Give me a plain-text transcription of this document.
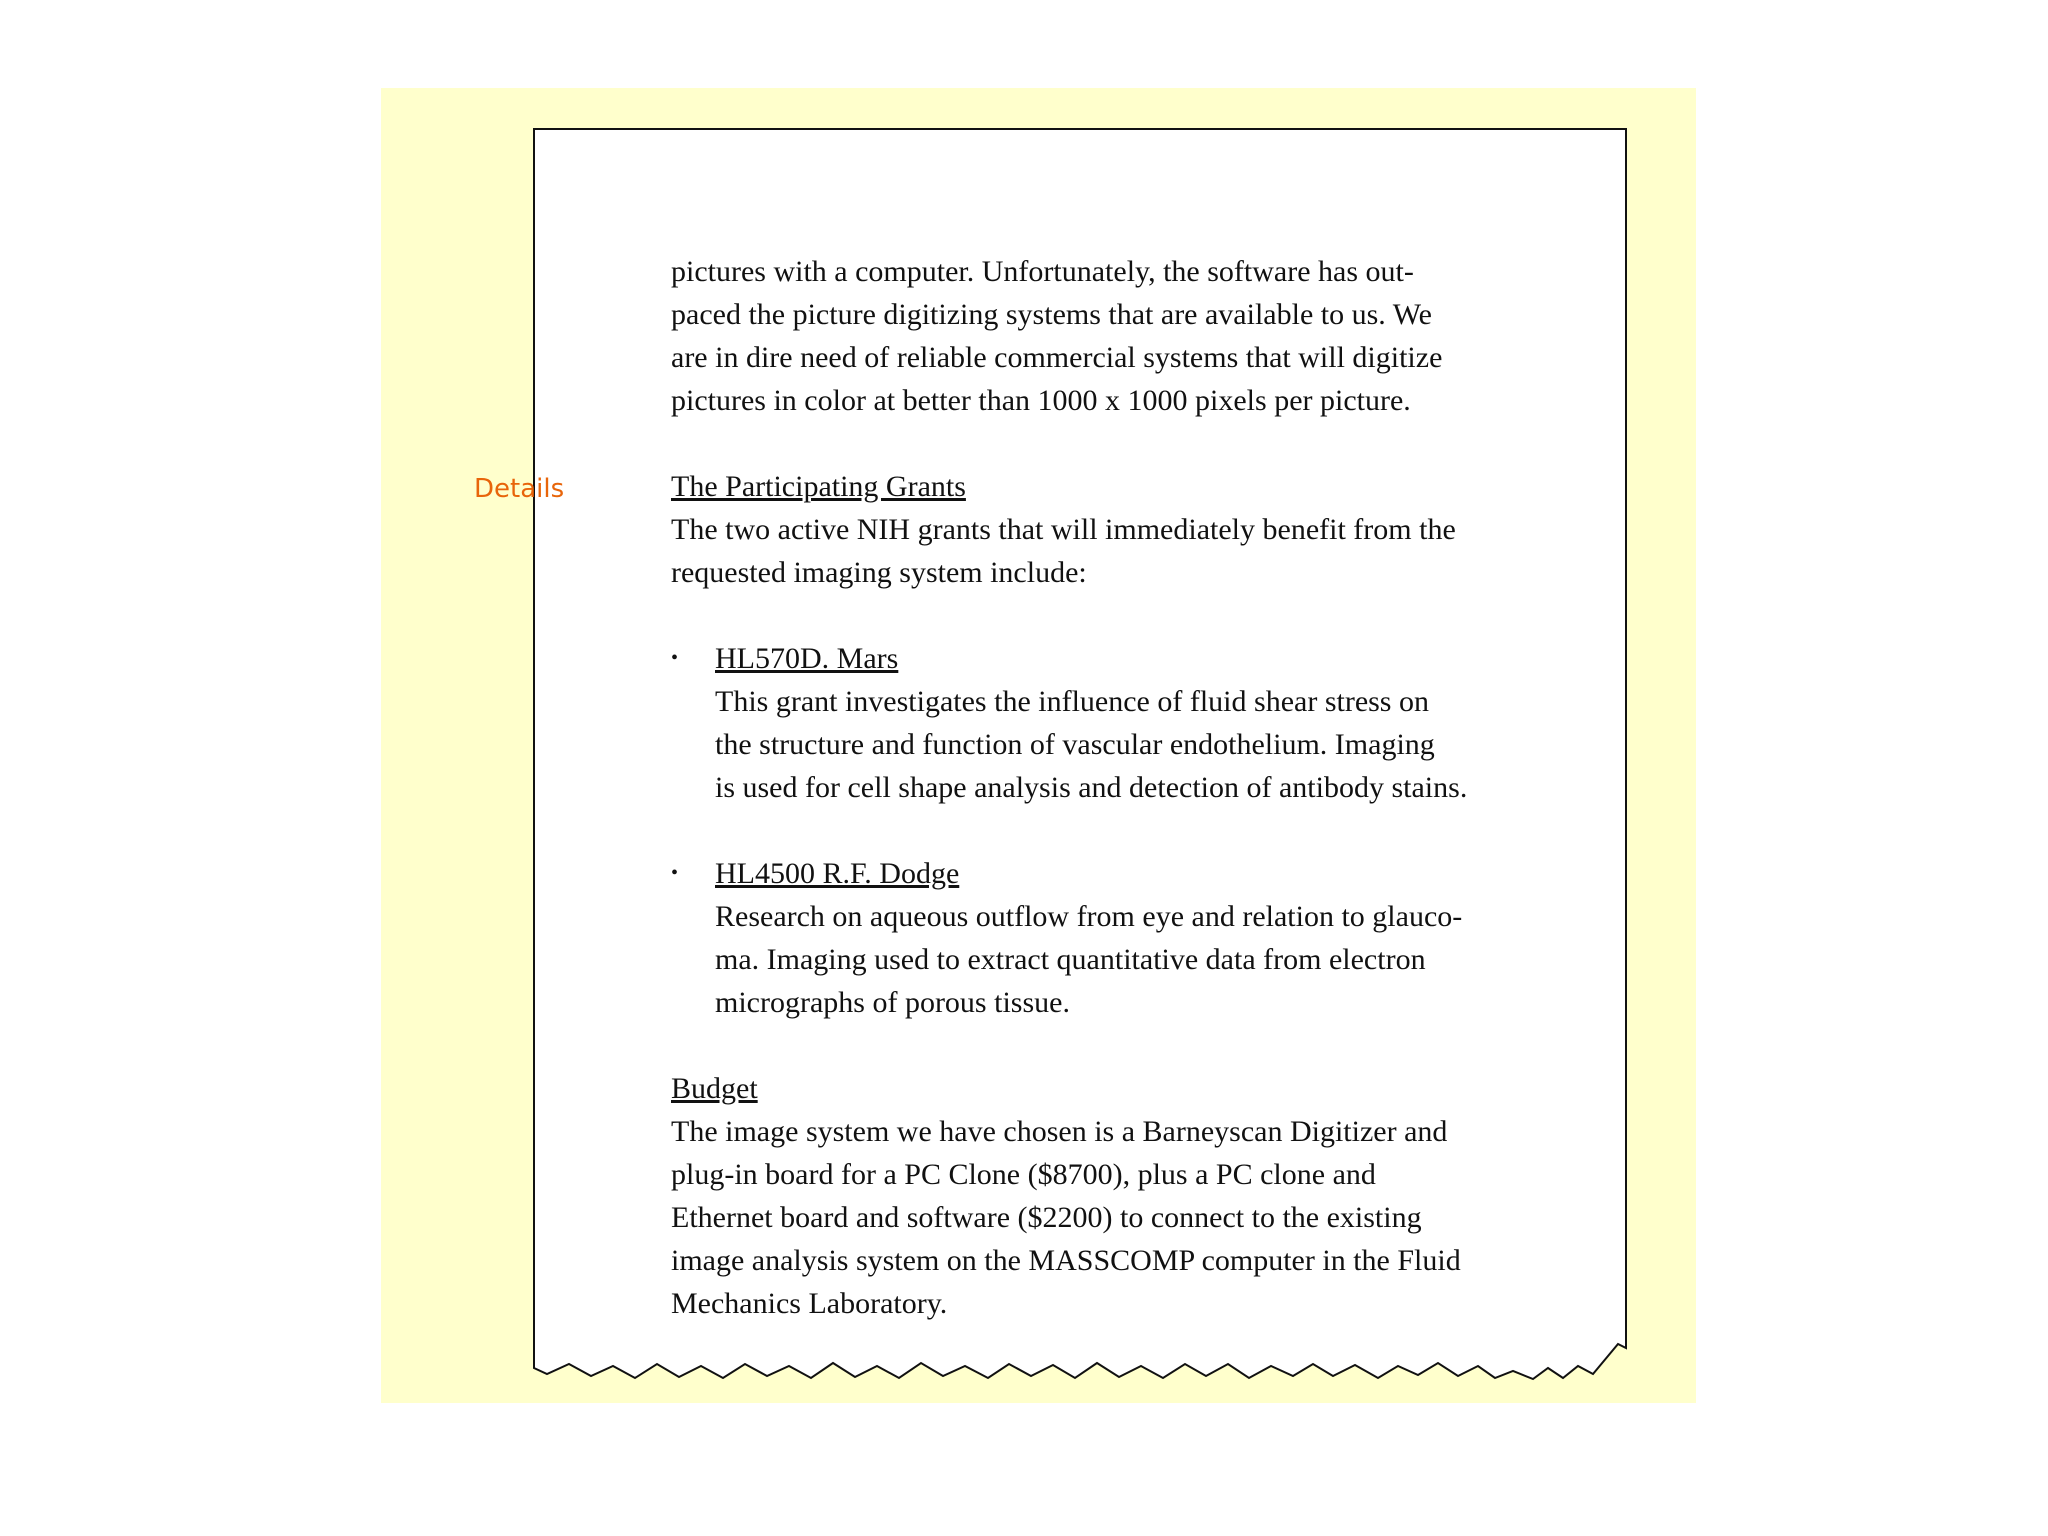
Details
pictures with a computer. Unfortunately, the software has out-
paced the picture digitizing systems that are available to us. We
are in dire need of reliable commercial systems that will digitize
pictures in color at better than 1000 x 1000 pixels per picture.
The Participating Grants
The two active NIH grants that will immediately benefit from the
requested imaging system include:
•	HL570D. Mars
This grant investigates the influence of fluid shear stress on
the structure and function of vascular endothelium. Imaging
is used for cell shape analysis and detection of antibody stains.
•	HL4500 R.F. Dodge
Research on aqueous outflow from eye and relation to glauco-
ma. Imaging used to extract quantitative data from electron
micrographs of porous tissue.
Budget
The image system we have chosen is a Barneyscan Digitizer and
plug-in board for a PC Clone ($8700), plus a PC clone and
Ethernet board and software ($2200) to connect to the existing
image analysis system on the MASSCOMP computer in the Fluid
Mechanics Laboratory.
